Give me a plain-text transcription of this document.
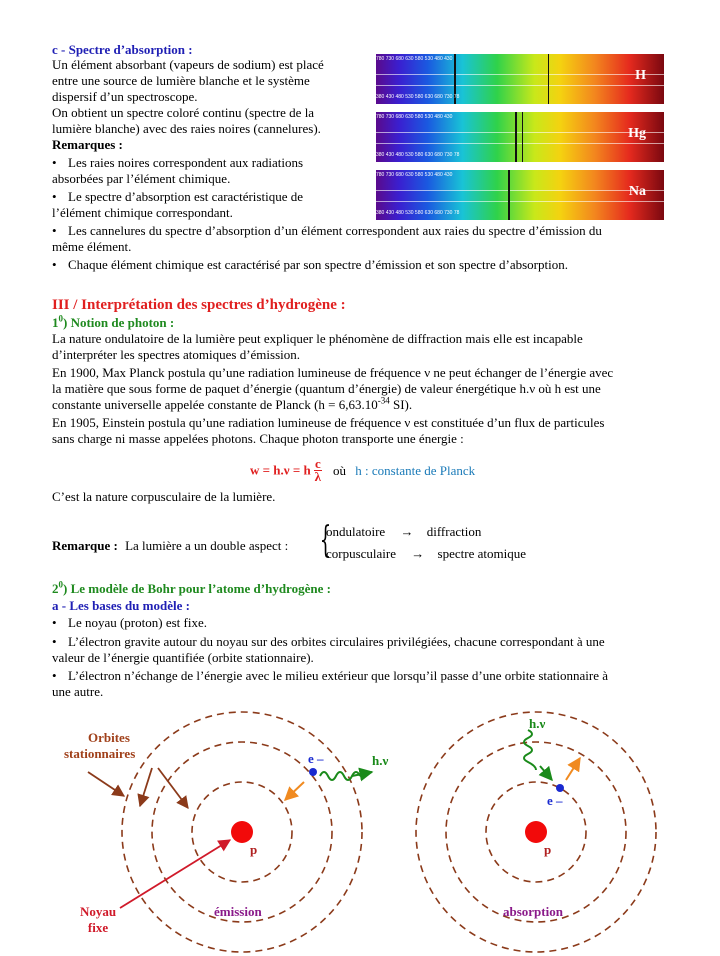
c - Spectre d’absorption :
Un élément absorbant (vapeurs de sodium) est placé
entre une source de lumière blanche et le système
dispersif d’un spectroscope.
On obtient un spectre coloré continu (spectre de la
lumière blanche) avec des raies noires (cannelures).
Remarques :
• Les raies noires correspondent aux radiations
absorbées par l’élément chimique.
• Le spectre d’absorption est caractéristique de
l’élément chimique correspondant.
• Les cannelures du spectre d’absorption d’un élément correspondent aux raies du spectre d’émission du
même élément.
• Chaque élément chimique est caractérisé par son spectre d’émission et son spectre d’absorption.
780 730 680 630 580 530 480 430
380 430 480 530 580 630 680 730 78
H
780 730 680 630 580 530 480 430
380 430 480 530 580 630 680 730 78
Hg
780 730 680 630 580 530 480 430
380 430 480 530 580 630 680 730 78
Na
III / Interprétation des spectres d’hydrogène :
$1^0$) Notion de photon :
La nature ondulatoire de la lumière peut expliquer le phénomène de diffraction mais elle est incapable
d’interpréter les spectres atomiques d’émission.
En 1900, Max Planck postula qu’une radiation lumineuse de fréquence ν ne peut échanger de l’énergie avec
la matière que sous forme de paquet d’énergie (quantum d’énergie) de valeur énergétique h.ν où h est une
constante universelle appelée constante de Planck ($h = 6,63.10^{-34}$ SI).
En 1905, Einstein postula qu’une radiation lumineuse de fréquence ν est constituée d’un flux de particules
sans charge ni masse appelées photons. Chaque photon transporte une énergie :
w = h.ν = h $\frac{c}{\lambda}$ où h : constante de Planck
C’est la nature corpusculaire de la lumière.
Remarque : La lumière a un double aspect : {
ondulatoire → diffraction
corpusculaire → spectre atomique
$2^0$) Le modèle de Bohr pour l’atome d’hydrogène :
a - Les bases du modèle :
• Le noyau (proton) est fixe.
• L’électron gravite autour du noyau sur des orbites circulaires privilégiées, chacune correspondant à une
valeur de l’énergie quantifiée (orbite stationnaire).
• L’électron n’échange de l’énergie avec le milieu extérieur que lorsqu’il passe d’une orbite stationnaire à
une autre.
Orbites
stationnaires
Noyau
fixe
émission	absorption
e –	h.ν
p
h.ν
e –
p
